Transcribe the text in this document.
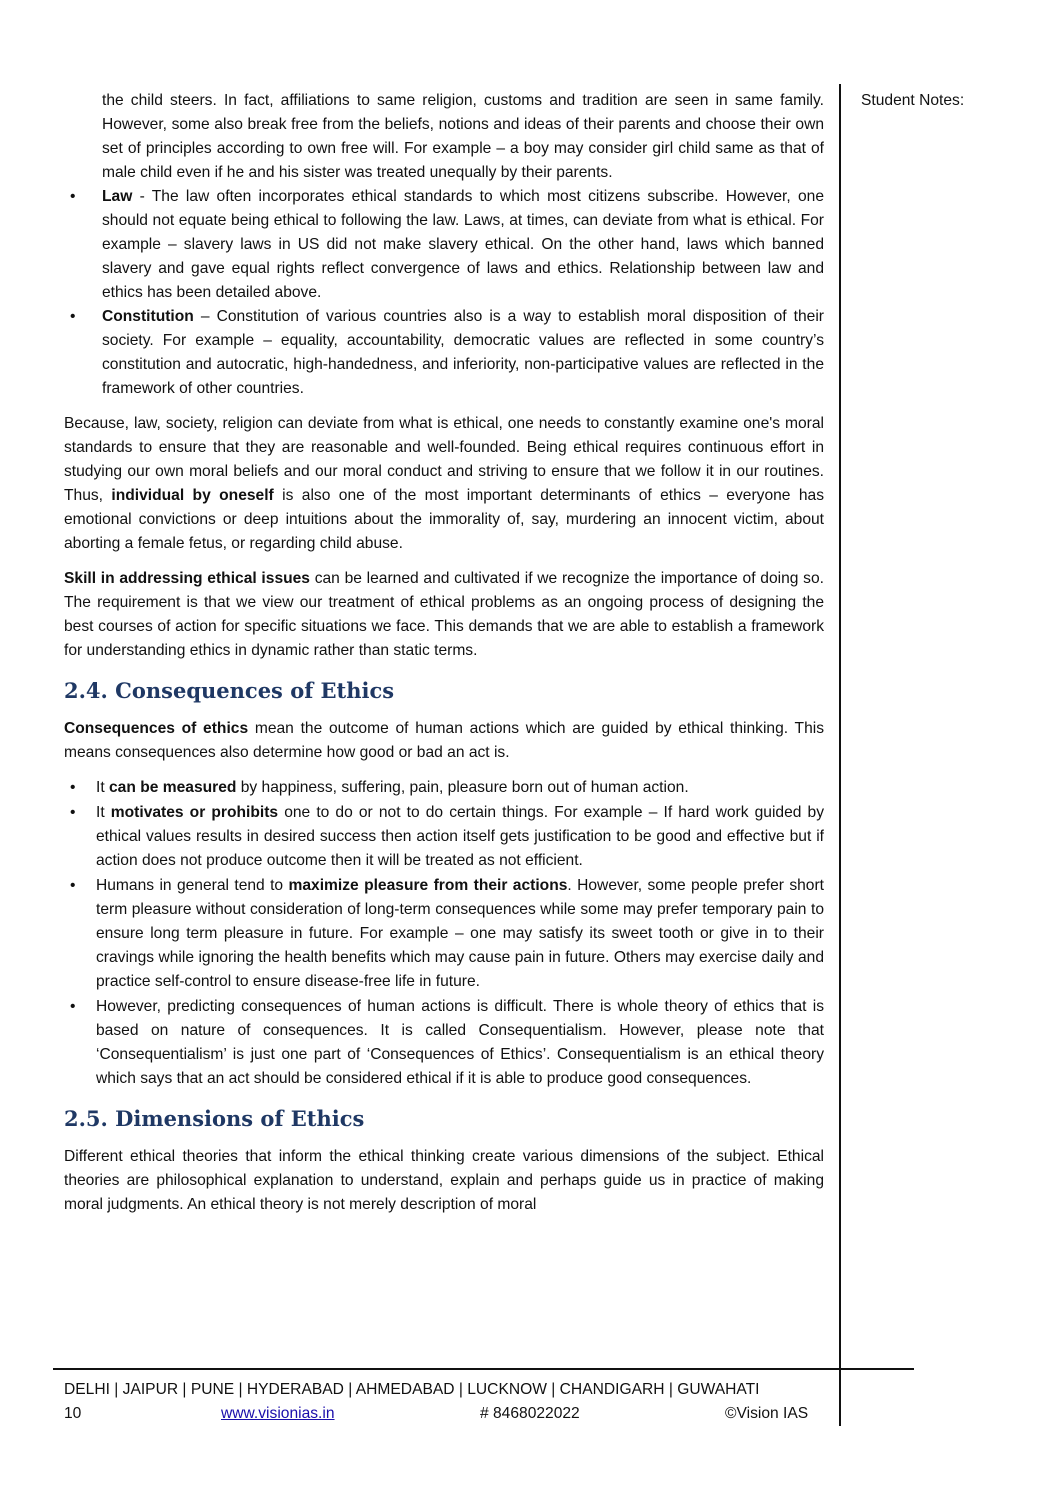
Student Notes:
the child steers. In fact, affiliations to same religion, customs and tradition are seen in same family. However, some also break free from the beliefs, notions and ideas of their parents and choose their own set of principles according to own free will. For example – a boy may consider girl child same as that of male child even if he and his sister was treated unequally by their parents.
• Law - The law often incorporates ethical standards to which most citizens subscribe. However, one should not equate being ethical to following the law. Laws, at times, can deviate from what is ethical. For example – slavery laws in US did not make slavery ethical. On the other hand, laws which banned slavery and gave equal rights reflect convergence of laws and ethics. Relationship between law and ethics has been detailed above.
• Constitution – Constitution of various countries also is a way to establish moral disposition of their society. For example – equality, accountability, democratic values are reflected in some country’s constitution and autocratic, high-handedness, and inferiority, non-participative values are reflected in the framework of other countries.

Because, law, society, religion can deviate from what is ethical, one needs to constantly examine one's moral standards to ensure that they are reasonable and well-founded. Being ethical requires continuous effort in studying our own moral beliefs and our moral conduct and striving to ensure that we follow it in our routines. Thus, individual by oneself is also one of the most important determinants of ethics – everyone has emotional convictions or deep intuitions about the immorality of, say, murdering an innocent victim, about aborting a female fetus, or regarding child abuse.

Skill in addressing ethical issues can be learned and cultivated if we recognize the importance of doing so. The requirement is that we view our treatment of ethical problems as an ongoing process of designing the best courses of action for specific situations we face. This demands that we are able to establish a framework for understanding ethics in dynamic rather than static terms.

2.4. Consequences of Ethics

Consequences of ethics mean the outcome of human actions which are guided by ethical thinking. This means consequences also determine how good or bad an act is.

• It can be measured by happiness, suffering, pain, pleasure born out of human action.
• It motivates or prohibits one to do or not to do certain things. For example – If hard work guided by ethical values results in desired success then action itself gets justification to be good and effective but if action does not produce outcome then it will be treated as not efficient.
• Humans in general tend to maximize pleasure from their actions. However, some people prefer short term pleasure without consideration of long-term consequences while some may prefer temporary pain to ensure long term pleasure in future. For example – one may satisfy its sweet tooth or give in to their cravings while ignoring the health benefits which may cause pain in future. Others may exercise daily and practice self-control to ensure disease-free life in future.
• However, predicting consequences of human actions is difficult. There is whole theory of ethics that is based on nature of consequences. It is called Consequentialism. However, please note that ‘Consequentialism’ is just one part of ‘Consequences of Ethics’. Consequentialism is an ethical theory which says that an act should be considered ethical if it is able to produce good consequences.
2.5. Dimensions of Ethics

Different ethical theories that inform the ethical thinking create various dimensions of the subject. Ethical theories are philosophical explanation to understand, explain and perhaps guide us in practice of making moral judgments. An ethical theory is not merely description of moral

DELHI | JAIPUR | PUNE | HYDERABAD | AHMEDABAD | LUCKNOW | CHANDIGARH | GUWAHATI
10	www.visionias.in	# 8468022022	©Vision IAS
